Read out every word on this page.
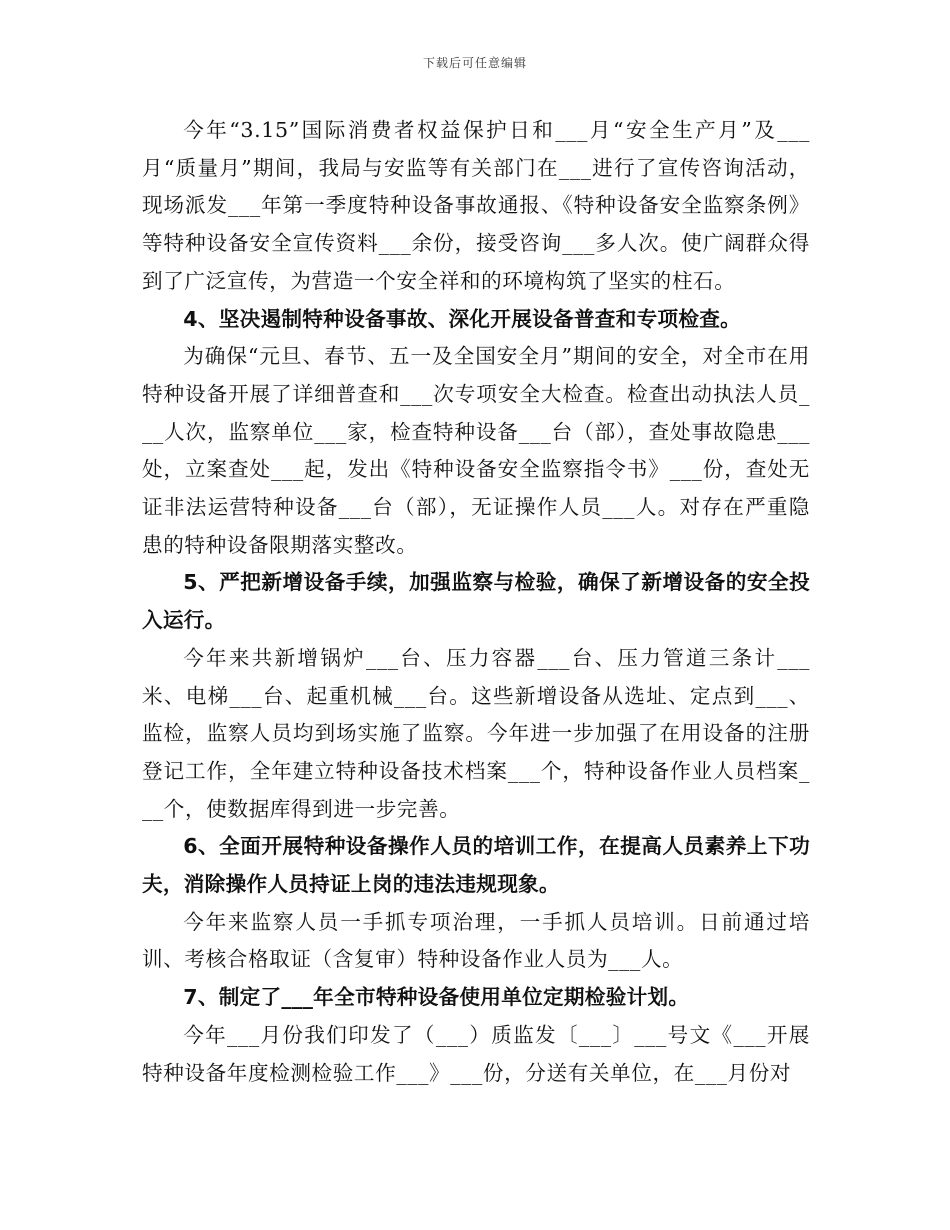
下载后可任意编辑

今年“3.15”国际消费者权益保护日和___月“安全生产月”及___月“质量月”期间，我局与安监等有关部门在___进行了宣传咨询活动，现场派发___年第一季度特种设备事故通报、《特种设备安全监察条例》等特种设备安全宣传资料___余份，接受咨询___多人次。使广阔群众得到了广泛宣传，为营造一个安全祥和的环境构筑了坚实的柱石。

4、坚决遏制特种设备事故、深化开展设备普查和专项检查。

为确保“元旦、春节、五一及全国安全月”期间的安全，对全市在用特种设备开展了详细普查和___次专项安全大检查。检查出动执法人员___人次，监察单位___家，检查特种设备___台（部），查处事故隐患___处，立案查处___起，发出《特种设备安全监察指令书》___份，查处无证非法运营特种设备___台（部），无证操作人员___人。对存在严重隐患的特种设备限期落实整改。

5、严把新增设备手续，加强监察与检验，确保了新增设备的安全投入运行。

今年来共新增锅炉___台、压力容器___台、压力管道三条计___米、电梯___台、起重机械___台。这些新增设备从选址、定点到___、监检，监察人员均到场实施了监察。今年进一步加强了在用设备的注册登记工作，全年建立特种设备技术档案___个，特种设备作业人员档案___个，使数据库得到进一步完善。

6、全面开展特种设备操作人员的培训工作，在提高人员素养上下功夫，消除操作人员持证上岗的违法违规现象。

今年来监察人员一手抓专项治理，一手抓人员培训。日前通过培训、考核合格取证（含复审）特种设备作业人员为___人。

7、制定了___年全市特种设备使用单位定期检验计划。

今年___月份我们印发了（___）质监发〔___〕___号文《___开展特种设备年度检测检验工作___》___份，分送有关单位，在___月份对
